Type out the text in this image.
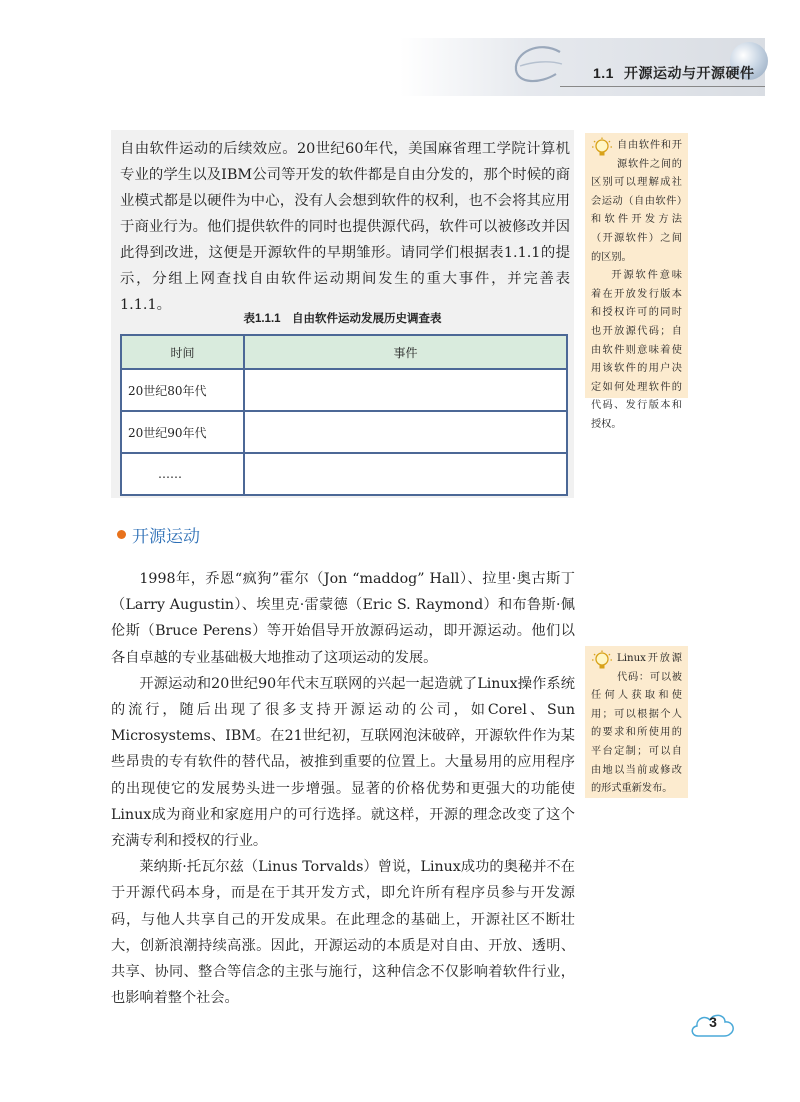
1.1 开源运动与开源硬件

自由软件运动的后续效应。20世纪60年代，美国麻省理工学院计算机专业的学生以及IBM公司等开发的软件都是自由分发的，那个时候的商业模式都是以硬件为中心，没有人会想到软件的权利，也不会将其应用于商业行为。他们提供软件的同时也提供源代码，软件可以被修改并因此得到改进，这便是开源软件的早期雏形。请同学们根据表1.1.1的提示，分组上网查找自由软件运动期间发生的重大事件，并完善表1.1.1。

表1.1.1　自由软件运动发展历史调查表
时间	事件
20世纪80年代	
20世纪90年代	
……	

自由软件和开源软件之间的区别可以理解成社会运动（自由软件）和软件开发方法（开源软件）之间的区别。

开源软件意味着在开放发行版本和授权许可的同时也开放源代码；自由软件则意味着使用该软件的用户决定如何处理软件的代码、发行版本和授权。

开源运动

1998年，乔恩“疯狗”霍尔（Jon “maddog” Hall）、拉里·奥古斯丁（Larry Augustin）、埃里克·雷蒙德（Eric S. Raymond）和布鲁斯·佩伦斯（Bruce Perens）等开始倡导开放源码运动，即开源运动。他们以各自卓越的专业基础极大地推动了这项运动的发展。

开源运动和20世纪90年代末互联网的兴起一起造就了Linux操作系统的流行，随后出现了很多支持开源运动的公司，如Corel、Sun Microsystems、IBM。在21世纪初，互联网泡沫破碎，开源软件作为某些昂贵的专有软件的替代品，被推到重要的位置上。大量易用的应用程序的出现使它的发展势头进一步增强。显著的价格优势和更强大的功能使Linux成为商业和家庭用户的可行选择。就这样，开源的理念改变了这个充满专利和授权的行业。

莱纳斯·托瓦尔兹（Linus Torvalds）曾说，Linux成功的奥秘并不在于开源代码本身，而是在于其开发方式，即允许所有程序员参与开发源码，与他人共享自己的开发成果。在此理念的基础上，开源社区不断壮大，创新浪潮持续高涨。因此，开源运动的本质是对自由、开放、透明、共享、协同、整合等信念的主张与施行，这种信念不仅影响着软件行业，也影响着整个社会。

Linux开放源代码：可以被任何人获取和使用；可以根据个人的要求和所使用的平台定制；可以自由地以当前或修改的形式重新发布。

3
